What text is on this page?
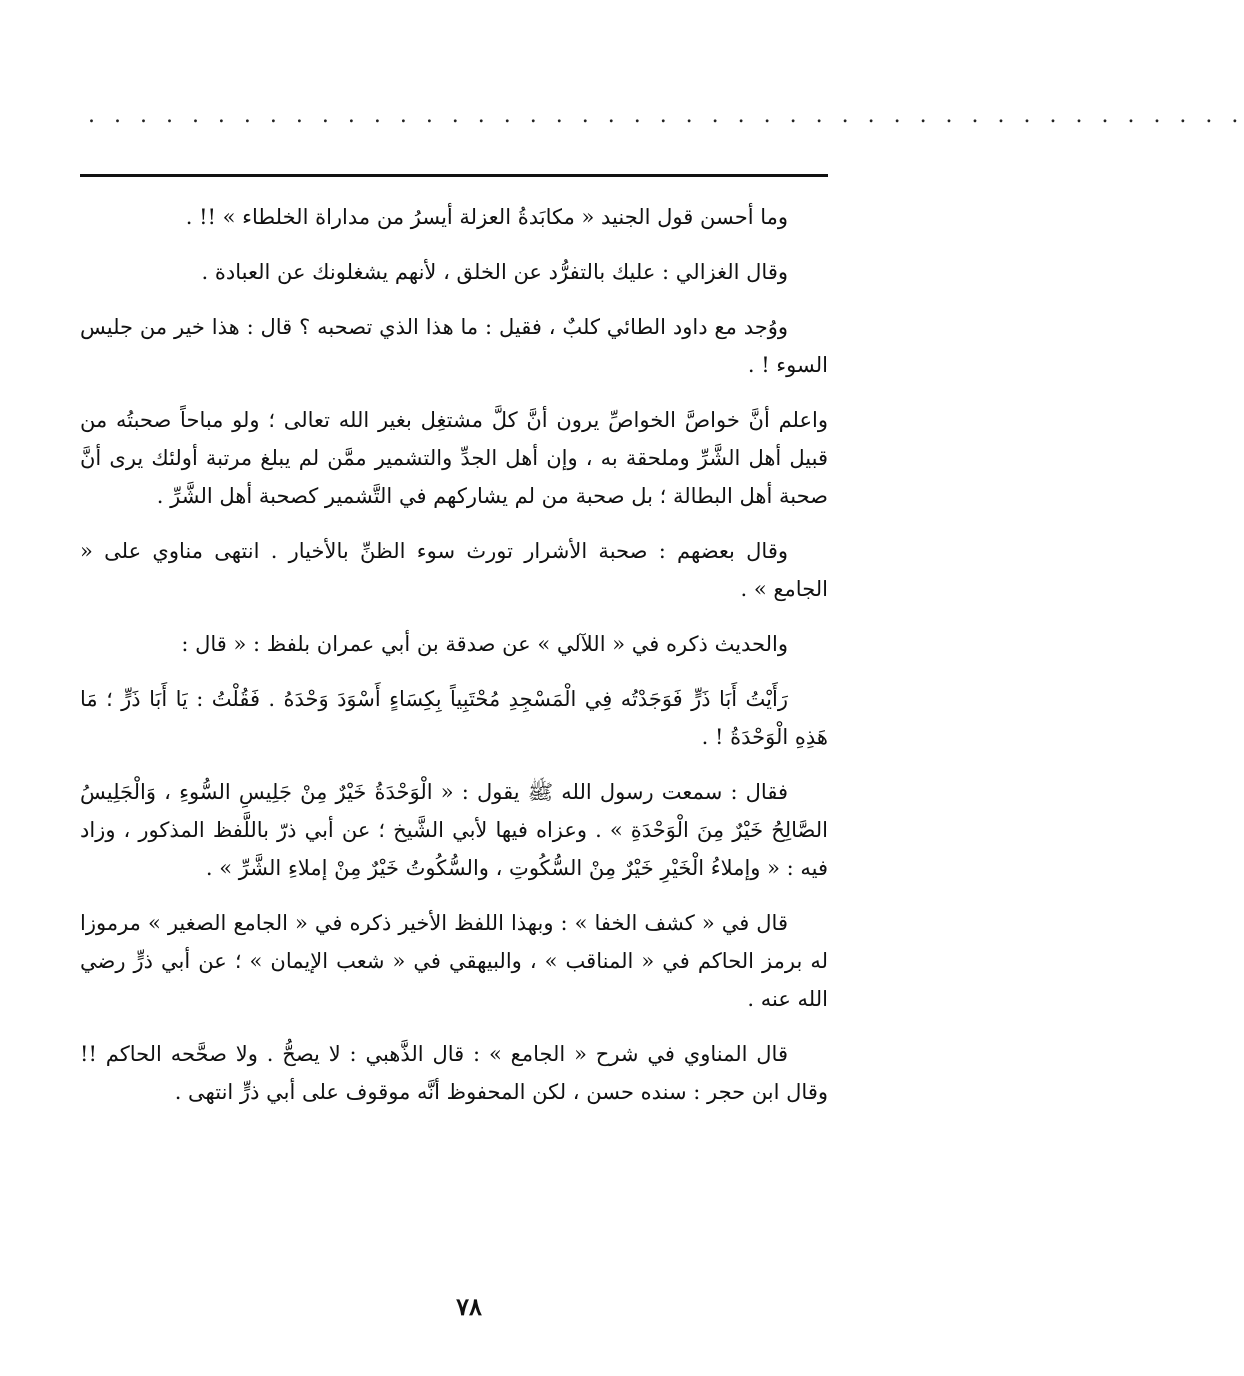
. . . . . . . . . . . . . . . . . . . . . . . . . . . . . . . . . . . . . . . . . . . . .

وما أحسن قول الجنيد « مكابَدةُ العزلة أيسرُ من مداراة الخلطاء » !! .

وقال الغزالي : عليك بالتفرُّد عن الخلق ، لأنهم يشغلونك عن العبادة .

ووُجد مع داود الطائي كلبٌ ، فقيل : ما هذا الذي تصحبه ؟ قال : هذا خير من جليس السوء ! .

واعلم أنَّ خواصَّ الخواصِّ يرون أنَّ كلَّ مشتغِل بغير الله تعالى ؛ ولو مباحاً صحبتُه من قبيل أهل الشَّرِّ وملحقة به ، وإن أهل الجدِّ والتشمير ممَّن لم يبلغ مرتبة أولئك يرى أنَّ صحبة أهل البطالة ؛ بل صحبة من لم يشاركهم في التَّشمير كصحبة أهل الشَّرِّ .

وقال بعضهم : صحبة الأشرار تورث سوء الظنِّ بالأخيار . انتهى مناوي على « الجامع » .

والحديث ذكره في « اللآلي » عن صدقة بن أبي عمران بلفظ : « قال :

رَأَيْتُ أَبَا ذَرٍّ فَوَجَدْتُه فِي الْمَسْجِدِ مُحْتَبِياً بِكِسَاءٍ أَسْوَدَ وَحْدَهُ . فَقُلْتُ : يَا أَبَا ذَرٍّ ؛ مَا هَذِهِ الْوَحْدَةُ ! .

فقال : سمعت رسول الله ﷺ يقول : « الْوَحْدَةُ خَيْرٌ مِنْ جَلِيسِ السُّوءِ ، وَالْجَلِيسُ الصَّالِحُ خَيْرٌ مِنَ الْوَحْدَةِ » . وعزاه فيها لأبي الشَّيخ ؛ عن أبي ذرّ باللَّفظ المذكور ، وزاد فيه : « وإملاءُ الْخَيْرِ خَيْرٌ مِنْ السُّكُوتِ ، والسُّكُوتُ خَيْرٌ مِنْ إملاءِ الشَّرِّ » .

قال في « كشف الخفا » : وبهذا اللفظ الأخير ذكره في « الجامع الصغير » مرموزا له برمز الحاكم في « المناقب » ، والبيهقي في « شعب الإيمان » ؛ عن أبي ذرٍّ رضي الله عنه .

قال المناوي في شرح « الجامع » : قال الذَّهبي : لا يصحُّ . ولا صحَّحه الحاكم !! وقال ابن حجر : سنده حسن ، لكن المحفوظ أنَّه موقوف على أبي ذرٍّ انتهى .

٧٨
